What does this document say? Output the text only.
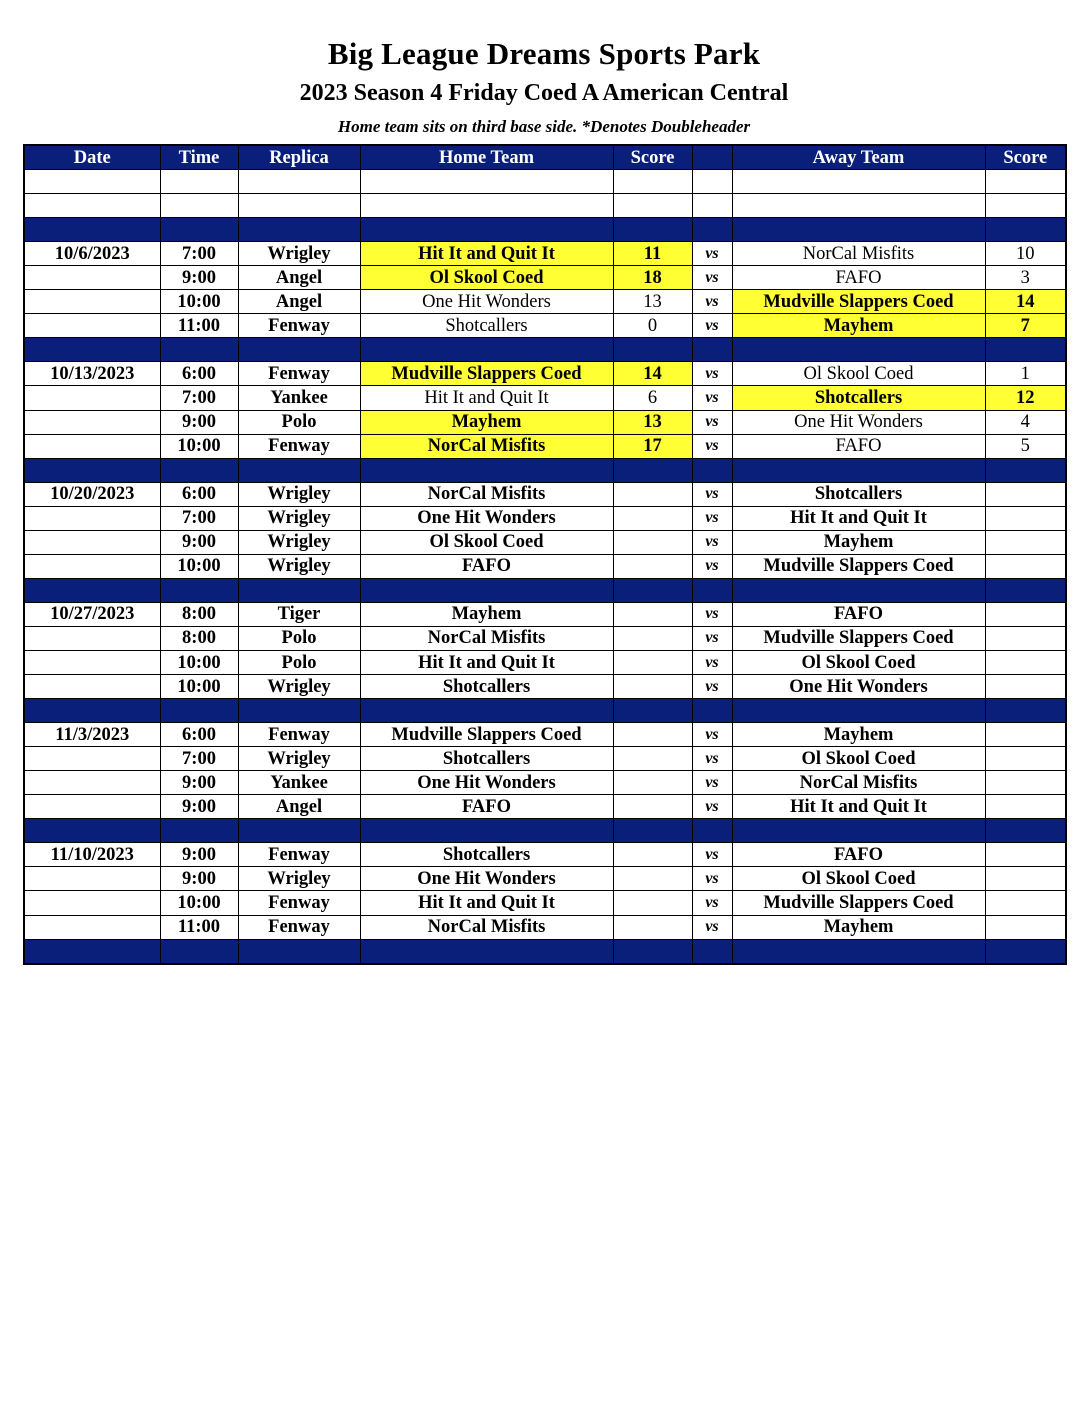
Big League Dreams Sports Park
2023 Season 4 Friday Coed A American Central
Home team sits on third base side. *Denotes Doubleheader
Date	Time	Replica	Home Team	Score		Away Team	Score

10/6/2023	7:00	Wrigley	Hit It and Quit It	11	vs	NorCal Misfits	10
	9:00	Angel	Ol Skool Coed	18	vs	FAFO	3
	10:00	Angel	One Hit Wonders	13	vs	Mudville Slappers Coed	14
	11:00	Fenway	Shotcallers	0	vs	Mayhem	7

10/13/2023	6:00	Fenway	Mudville Slappers Coed	14	vs	Ol Skool Coed	1
	7:00	Yankee	Hit It and Quit It	6	vs	Shotcallers	12
	9:00	Polo	Mayhem	13	vs	One Hit Wonders	4
	10:00	Fenway	NorCal Misfits	17	vs	FAFO	5

10/20/2023	6:00	Wrigley	NorCal Misfits		vs	Shotcallers	
	7:00	Wrigley	One Hit Wonders		vs	Hit It and Quit It	
	9:00	Wrigley	Ol Skool Coed		vs	Mayhem	
	10:00	Wrigley	FAFO		vs	Mudville Slappers Coed	

10/27/2023	8:00	Tiger	Mayhem		vs	FAFO	
	8:00	Polo	NorCal Misfits		vs	Mudville Slappers Coed	
	10:00	Polo	Hit It and Quit It		vs	Ol Skool Coed	
	10:00	Wrigley	Shotcallers		vs	One Hit Wonders	

11/3/2023	6:00	Fenway	Mudville Slappers Coed		vs	Mayhem	
	7:00	Wrigley	Shotcallers		vs	Ol Skool Coed	
	9:00	Yankee	One Hit Wonders		vs	NorCal Misfits	
	9:00	Angel	FAFO		vs	Hit It and Quit It	

11/10/2023	9:00	Fenway	Shotcallers		vs	FAFO	
	9:00	Wrigley	One Hit Wonders		vs	Ol Skool Coed	
	10:00	Fenway	Hit It and Quit It		vs	Mudville Slappers Coed	
	11:00	Fenway	NorCal Misfits		vs	Mayhem	
